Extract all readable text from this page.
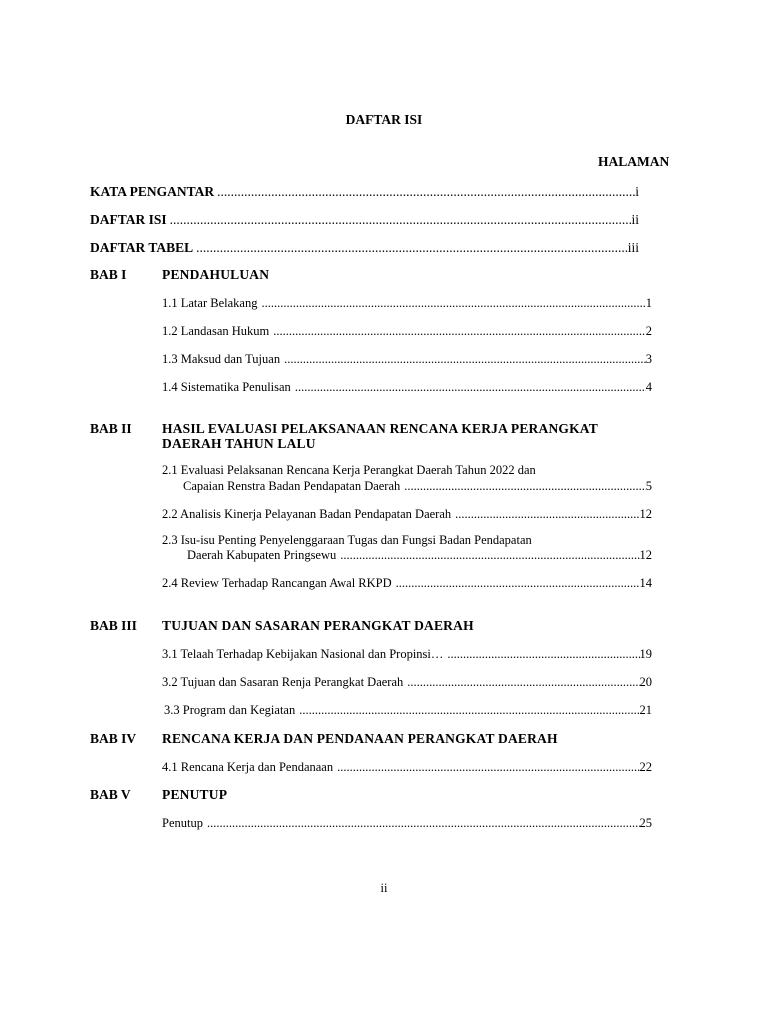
DAFTAR ISI
HALAMAN
KATA PENGANTAR .....	i
DAFTAR ISI .....	ii
DAFTAR TABEL .....	iii
BAB I	PENDAHULUAN
1.1 Latar Belakang .....	1
1.2 Landasan Hukum .....	2
1.3 Maksud dan Tujuan .....	3
1.4 Sistematika Penulisan .....	4
BAB II HASIL EVALUASI PELAKSANAAN RENCANA KERJA PERANGKAT
DAERAH TAHUN LALU
2.1 Evaluasi Pelaksanan Rencana Kerja Perangkat Daerah Tahun 2022 dan
Capaian Renstra Badan Pendapatan Daerah .....	5
2.2 Analisis Kinerja Pelayanan Badan Pendapatan Daerah .....	12
2.3 Isu-isu Penting Penyelenggaraan Tugas dan Fungsi Badan Pendapatan
Daerah Kabupaten Pringsewu .....	12
2.4 Review Terhadap Rancangan Awal RKPD .....	14
BAB III TUJUAN DAN SASARAN PERANGKAT DAERAH
3.1 Telaah Terhadap Kebijakan Nasional dan Propinsi… .....	19
3.2 Tujuan dan Sasaran Renja Perangkat Daerah .....	20
3.3 Program dan Kegiatan .....	21
BAB IV RENCANA KERJA DAN PENDANAAN PERANGKAT DAERAH
4.1 Rencana Kerja dan Pendanaan .....	22
BAB V PENUTUP
Penutup .....	25
ii
